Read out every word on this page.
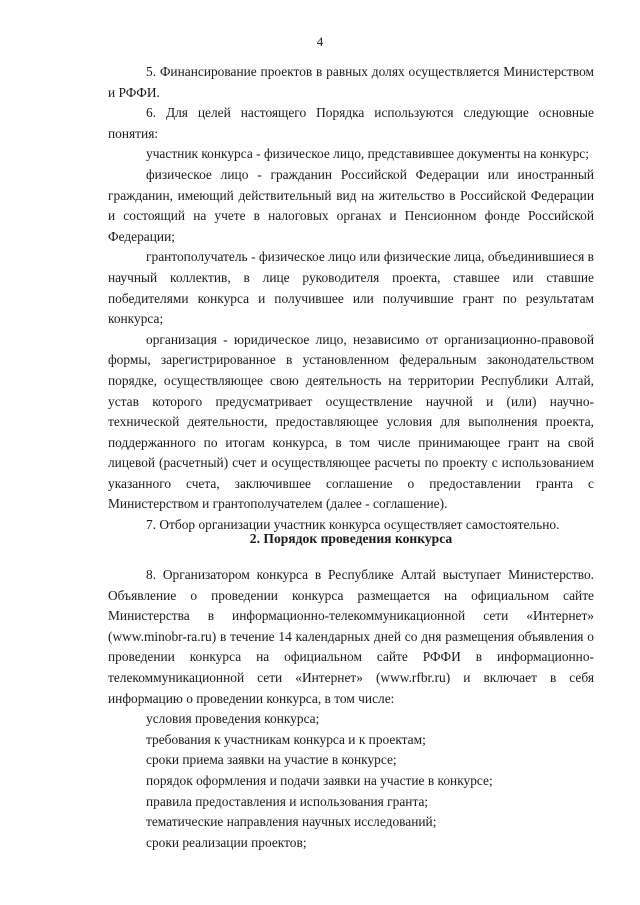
4

5. Финансирование проектов в равных долях осуществляется Министерством и РФФИ.

6. Для целей настоящего Порядка используются следующие основные понятия:

участник конкурса - физическое лицо, представившее документы на конкурс;

физическое лицо - гражданин Российской Федерации или иностранный гражданин, имеющий действительный вид на жительство в Российской Федерации и состоящий на учете в налоговых органах и Пенсионном фонде Российской Федерации;

грантополучатель - физическое лицо или физические лица, объединившиеся в научный коллектив, в лице руководителя проекта, ставшее или ставшие победителями конкурса и получившее или получившие грант по результатам конкурса;

организация - юридическое лицо, независимо от организационно-правовой формы, зарегистрированное в установленном федеральным законодательством порядке, осуществляющее свою деятельность на территории Республики Алтай, устав которого предусматривает осуществление научной и (или) научно-технической деятельности, предоставляющее условия для выполнения проекта, поддержанного по итогам конкурса, в том числе принимающее грант на свой лицевой (расчетный) счет и осуществляющее расчеты по проекту с использованием указанного счета, заключившее соглашение о предоставлении гранта с Министерством и грантополучателем (далее - соглашение).

7. Отбор организации участник конкурса осуществляет самостоятельно.

2. Порядок проведения конкурса

8. Организатором конкурса в Республике Алтай выступает Министерство. Объявление о проведении конкурса размещается на официальном сайте Министерства в информационно-телекоммуникационной сети «Интернет» (www.minobr-ra.ru) в течение 14 календарных дней со дня размещения объявления о проведении конкурса на официальном сайте РФФИ в информационно-телекоммуникационной сети «Интернет» (www.rfbr.ru) и включает в себя информацию о проведении конкурса, в том числе:

условия проведения конкурса;

требования к участникам конкурса и к проектам;

сроки приема заявки на участие в конкурсе;

порядок оформления и подачи заявки на участие в конкурсе;

правила предоставления и использования гранта;

тематические направления научных исследований;

сроки реализации проектов;
